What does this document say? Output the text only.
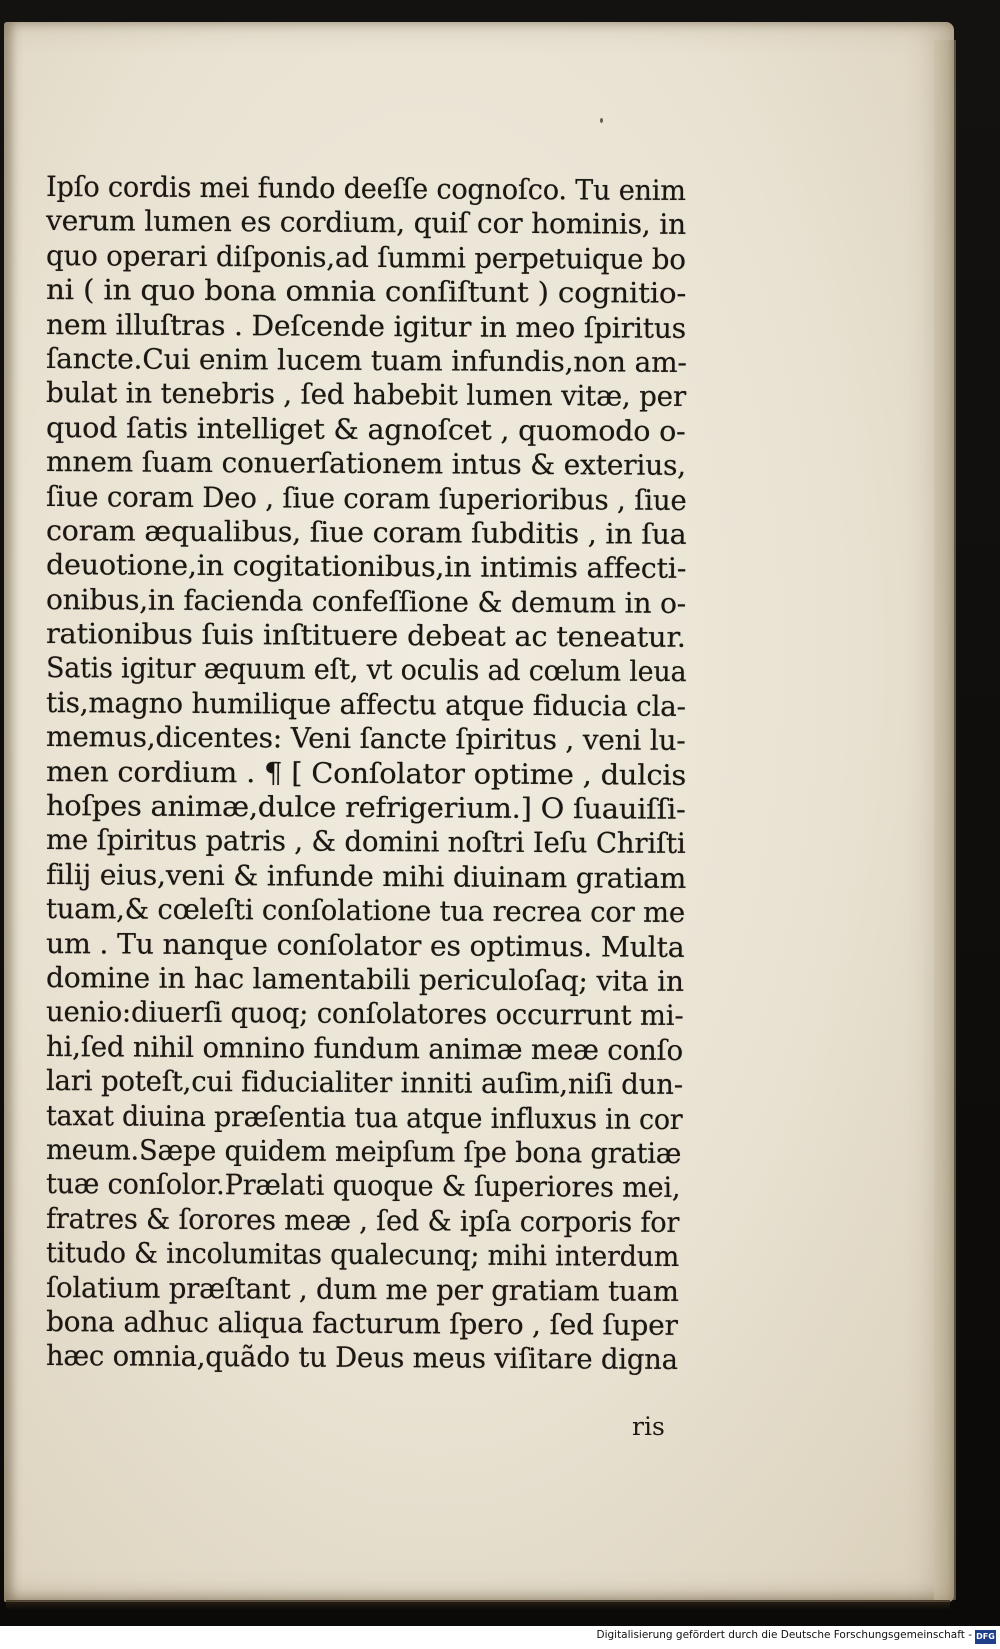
Ipſo cordis mei fundo deeſſe cognoſco. Tu enim
verum lumen es cordium, quiſ cor hominis, in
quo operari diſponis,ad ſummi perpetuique bo
ni ( in quo bona omnia conſiſtunt ) cognitio-
nem illuſtras . Deſcende igitur in meo ſpiritus
ſancte.Cui enim lucem tuam infundis,non am-
bulat in tenebris , ſed habebit lumen vitæ, per
quod ſatis intelliget & agnoſcet , quomodo o-
mnem ſuam conuerſationem intus & exterius,
ſiue coram Deo , ſiue coram ſuperioribus , ſiue
coram æqualibus, ſiue coram ſubditis , in ſua
deuotione,in cogitationibus,in intimis affecti-
onibus,in facienda confeſſione & demum in o-
rationibus ſuis inſtituere debeat ac teneatur.
Satis igitur æquum eſt, vt oculis ad cœlum leua
tis,magno humilique affectu atque fiducia cla-
memus,dicentes: Veni ſancte ſpiritus , veni lu-
men cordium . ¶ [ Conſolator optime , dulcis
hoſpes animæ,dulce refrigerium.] O ſuauiſſi-
me ſpiritus patris , & domini noſtri Ieſu Chriſti
filij eius,veni & infunde mihi diuinam gratiam
tuam,& cœleſti conſolatione tua recrea cor me
um . Tu nanque conſolator es optimus. Multa
domine in hac lamentabili periculoſaq; vita in
uenio:diuerſi quoq; conſolatores occurrunt mi-
hi,ſed nihil omnino fundum animæ meæ conſo
lari poteſt,cui fiducialiter inniti auſim,niſi dun-
taxat diuina præſentia tua atque influxus in cor
meum.Sæpe quidem meipſum ſpe bona gratiæ
tuæ conſolor.Prælati quoque & ſuperiores mei,
fratres & ſorores meæ , ſed & ipſa corporis for
titudo & incolumitas qualecunq; mihi interdum
ſolatium præſtant , dum me per gratiam tuam
bona adhuc aliqua facturum ſpero , ſed ſuper
hæc omnia,quãdo tu Deus meus viſitare digna
ris
Digitalisierung gefördert durch die Deutsche Forschungsgemeinschaft - DFG
